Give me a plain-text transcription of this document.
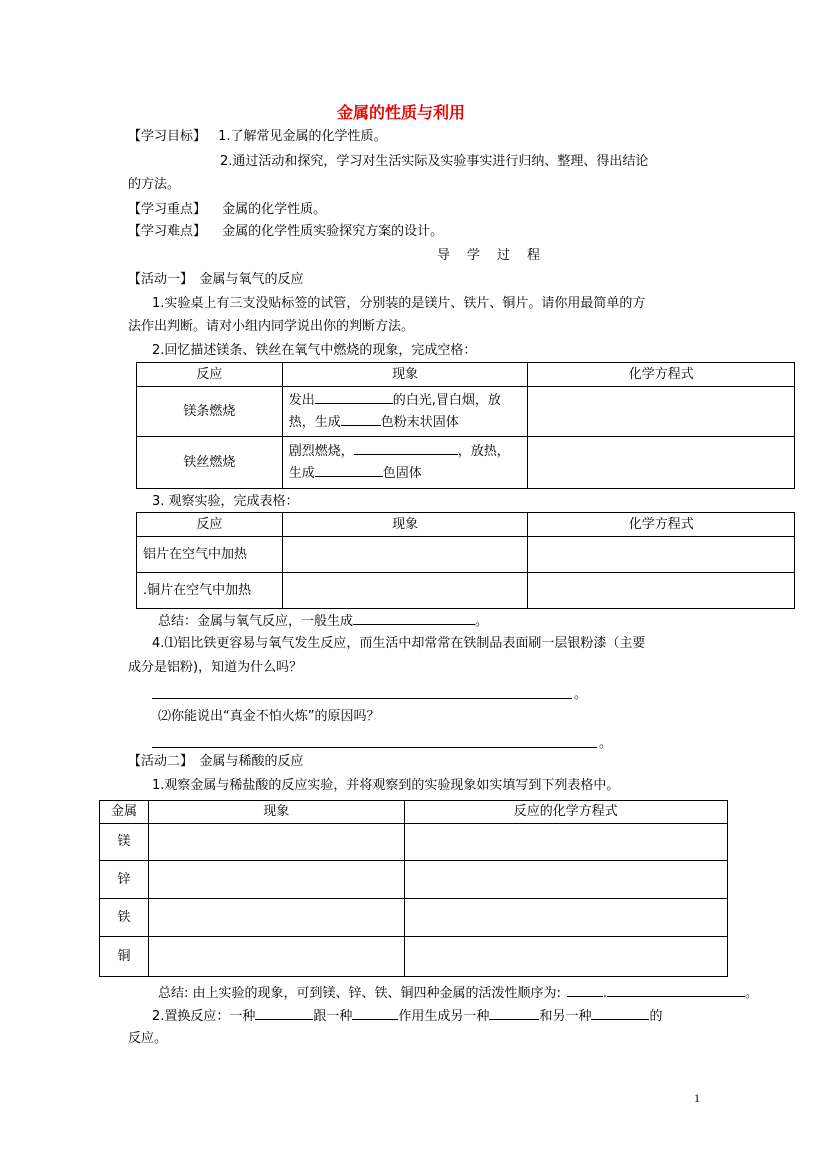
金属的性质与利用
【学习目标】 1.了解常见金属的化学性质。
2.通过活动和探究，学习对生活实际及实验事实进行归纳、整理、得出结论
的方法。
【学习重点】 金属的化学性质。
【学习难点】 金属的化学性质实验探究方案的设计。
导　学　过　程
【活动一】　金属与氧气的反应
1.实验桌上有三支没贴标签的试管，分别装的是镁片、铁片、铜片。请你用最简单的方
法作出判断。请对小组内同学说出你的判断方法。
2.回忆描述镁条、铁丝在氧气中燃烧的现象，完成空格：
反应	现象	化学方程式
镁条燃烧	发出 的白光,冒白烟，放
热，生成 色粉末状固体	

铁丝燃烧	剧烈燃烧， ，放热，
生成 色固体	

3. 观察实验，完成表格：
反应	现象	化学方程式
铝片在空气中加热		
.铜片在空气中加热		
总结：金属与氧气反应，一般生成	。
4.⑴铝比铁更容易与氧气发生反应，而生活中却常常在铁制品表面刷一层银粉漆（主要
成分是铝粉)，知道为什么吗？
。
⑵你能说出“真金不怕火炼”的原因吗？
。
【活动二】　金属与稀酸的反应
1.观察金属与稀盐酸的反应实验，并将观察到的实验现象如实填写到下列表格中。
金属	现象	反应的化学方程式
镁		
锌		
铁		
铜		
总结: 由上实验的现象，可到镁、锌、铁、铜四种金属的活泼性顺序为:	.	。
2.置换反应：一种	跟一种	作用生成另一种	和另一种	的
反应。
1
